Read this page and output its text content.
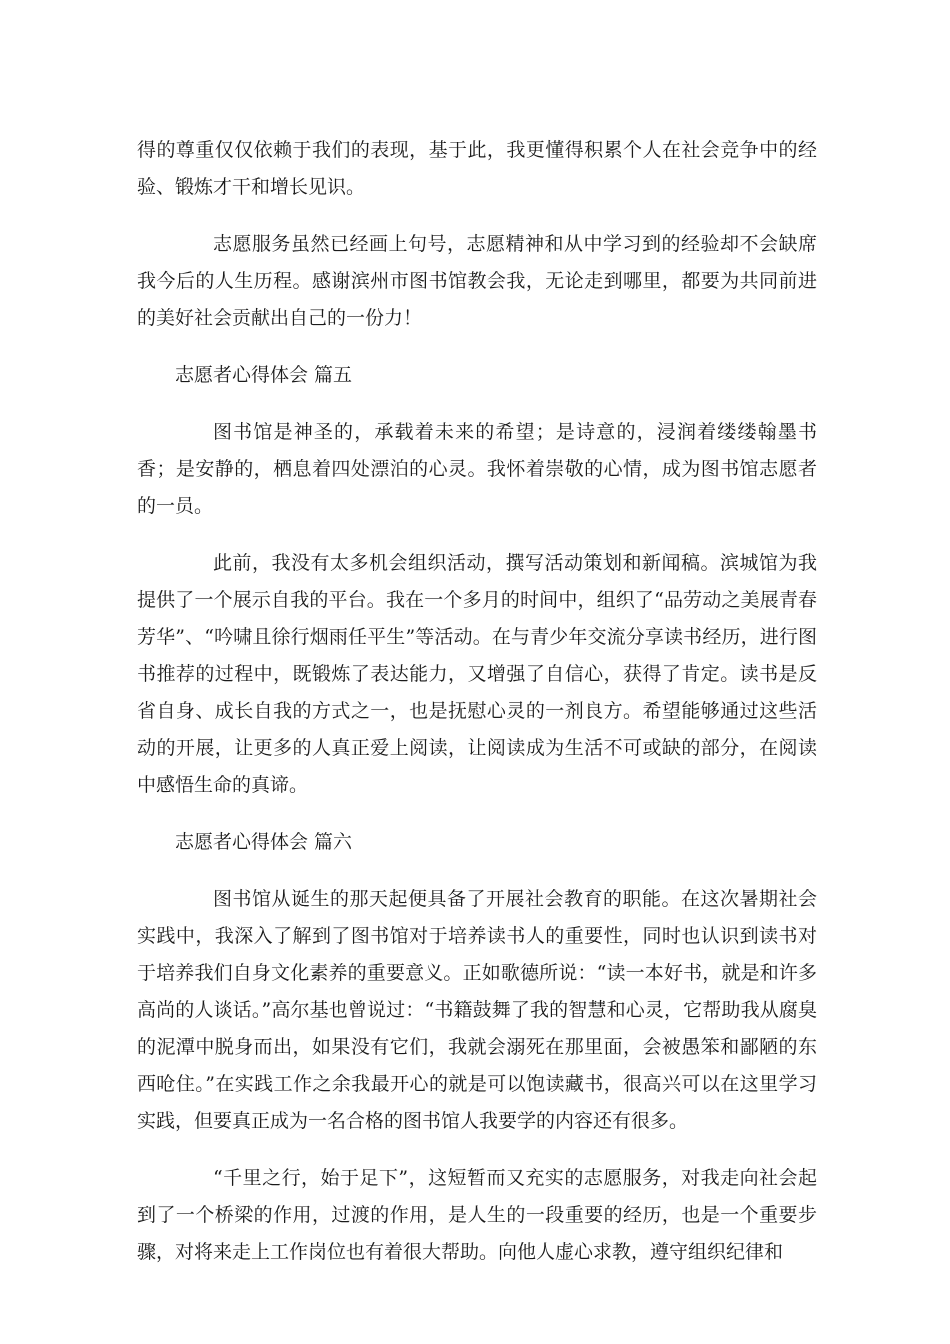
得的尊重仅仅依赖于我们的表现，基于此，我更懂得积累个人在社会竞争中的经验、锻炼才干和增长见识。

志愿服务虽然已经画上句号，志愿精神和从中学习到的经验却不会缺席我今后的人生历程。感谢滨州市图书馆教会我，无论走到哪里，都要为共同前进的美好社会贡献出自己的一份力！

志愿者心得体会 篇五

图书馆是神圣的，承载着未来的希望；是诗意的，浸润着缕缕翰墨书香；是安静的，栖息着四处漂泊的心灵。我怀着崇敬的心情，成为图书馆志愿者的一员。

此前，我没有太多机会组织活动，撰写活动策划和新闻稿。滨城馆为我提供了一个展示自我的平台。我在一个多月的时间中，组织了“品劳动之美展青春芳华”、“吟啸且徐行烟雨任平生”等活动。在与青少年交流分享读书经历，进行图书推荐的过程中，既锻炼了表达能力，又增强了自信心，获得了肯定。读书是反省自身、成长自我的方式之一，也是抚慰心灵的一剂良方。希望能够通过这些活动的开展，让更多的人真正爱上阅读，让阅读成为生活不可或缺的部分，在阅读中感悟生命的真谛。

志愿者心得体会 篇六

图书馆从诞生的那天起便具备了开展社会教育的职能。在这次暑期社会实践中，我深入了解到了图书馆对于培养读书人的重要性，同时也认识到读书对于培养我们自身文化素养的重要意义。正如歌德所说：“读一本好书，就是和许多高尚的人谈话。”高尔基也曾说过：“书籍鼓舞了我的智慧和心灵，它帮助我从腐臭的泥潭中脱身而出，如果没有它们，我就会溺死在那里面，会被愚笨和鄙陋的东西呛住。”在实践工作之余我最开心的就是可以饱读藏书，很高兴可以在这里学习实践，但要真正成为一名合格的图书馆人我要学的内容还有很多。

“千里之行，始于足下”，这短暂而又充实的志愿服务，对我走向社会起到了一个桥梁的作用，过渡的作用，是人生的一段重要的经历，也是一个重要步骤，对将来走上工作岗位也有着很大帮助。向他人虚心求教，遵守组织纪律和
